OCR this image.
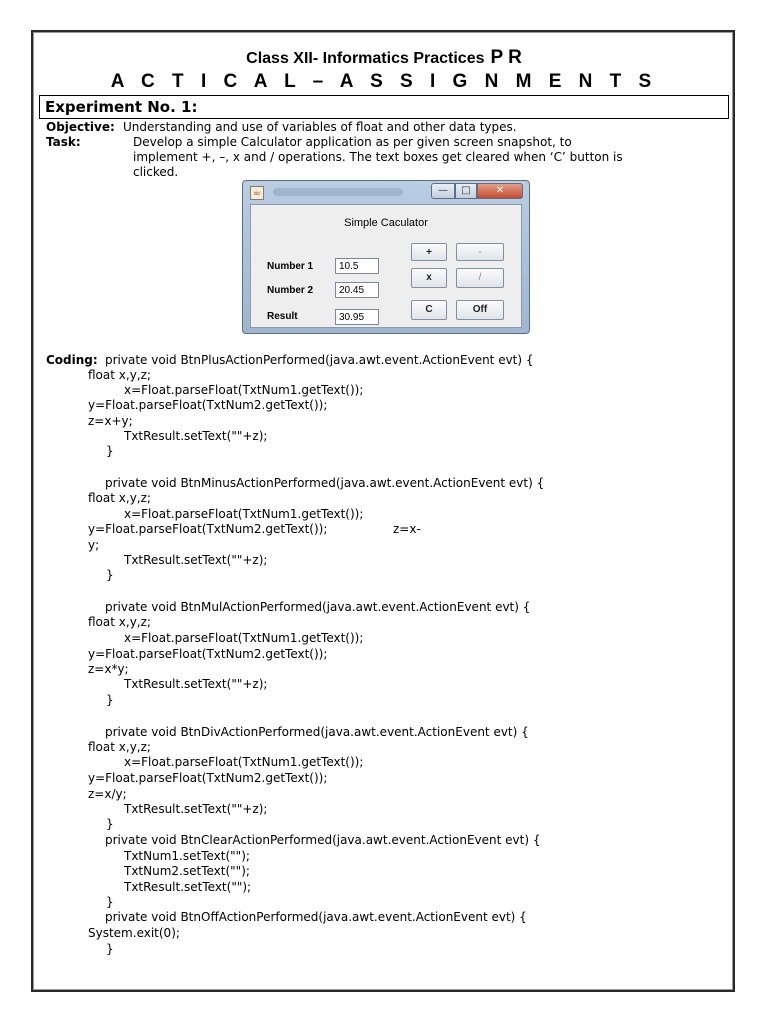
Class XII- Informatics Practices P R
A C T I C A L – A S S I G N M E N T S
Experiment No. 1:
Objective: Understanding and use of variables of float and other data types.
Task:	Develop a simple Calculator application as per given screen snapshot, to
implement +, –, x and / operations. The text boxes get cleared when ‘C’ button is
clicked.
☕	—	□	✕
Simple Caculator
Number 1	10.5
Number 2	20.45
Result	30.95
+	-
x	/
C	Off
Coding: private void BtnPlusActionPerformed(java.awt.event.ActionEvent evt) {
float x,y,z;
x=Float.parseFloat(TxtNum1.getText());
y=Float.parseFloat(TxtNum2.getText());
z=x+y;
TxtResult.setText(""+z);
}
private void BtnMinusActionPerformed(java.awt.event.ActionEvent evt) {
float x,y,z;
x=Float.parseFloat(TxtNum1.getText());
y=Float.parseFloat(TxtNum2.getText());	z=x-
y;
TxtResult.setText(""+z);
}
private void BtnMulActionPerformed(java.awt.event.ActionEvent evt) {
float x,y,z;
x=Float.parseFloat(TxtNum1.getText());
y=Float.parseFloat(TxtNum2.getText());
z=x*y;
TxtResult.setText(""+z);
}
private void BtnDivActionPerformed(java.awt.event.ActionEvent evt) {
float x,y,z;
x=Float.parseFloat(TxtNum1.getText());
y=Float.parseFloat(TxtNum2.getText());
z=x/y;
TxtResult.setText(""+z);
}
private void BtnClearActionPerformed(java.awt.event.ActionEvent evt) {
TxtNum1.setText("");
TxtNum2.setText("");
TxtResult.setText("");
}
private void BtnOffActionPerformed(java.awt.event.ActionEvent evt) {
System.exit(0);
}
